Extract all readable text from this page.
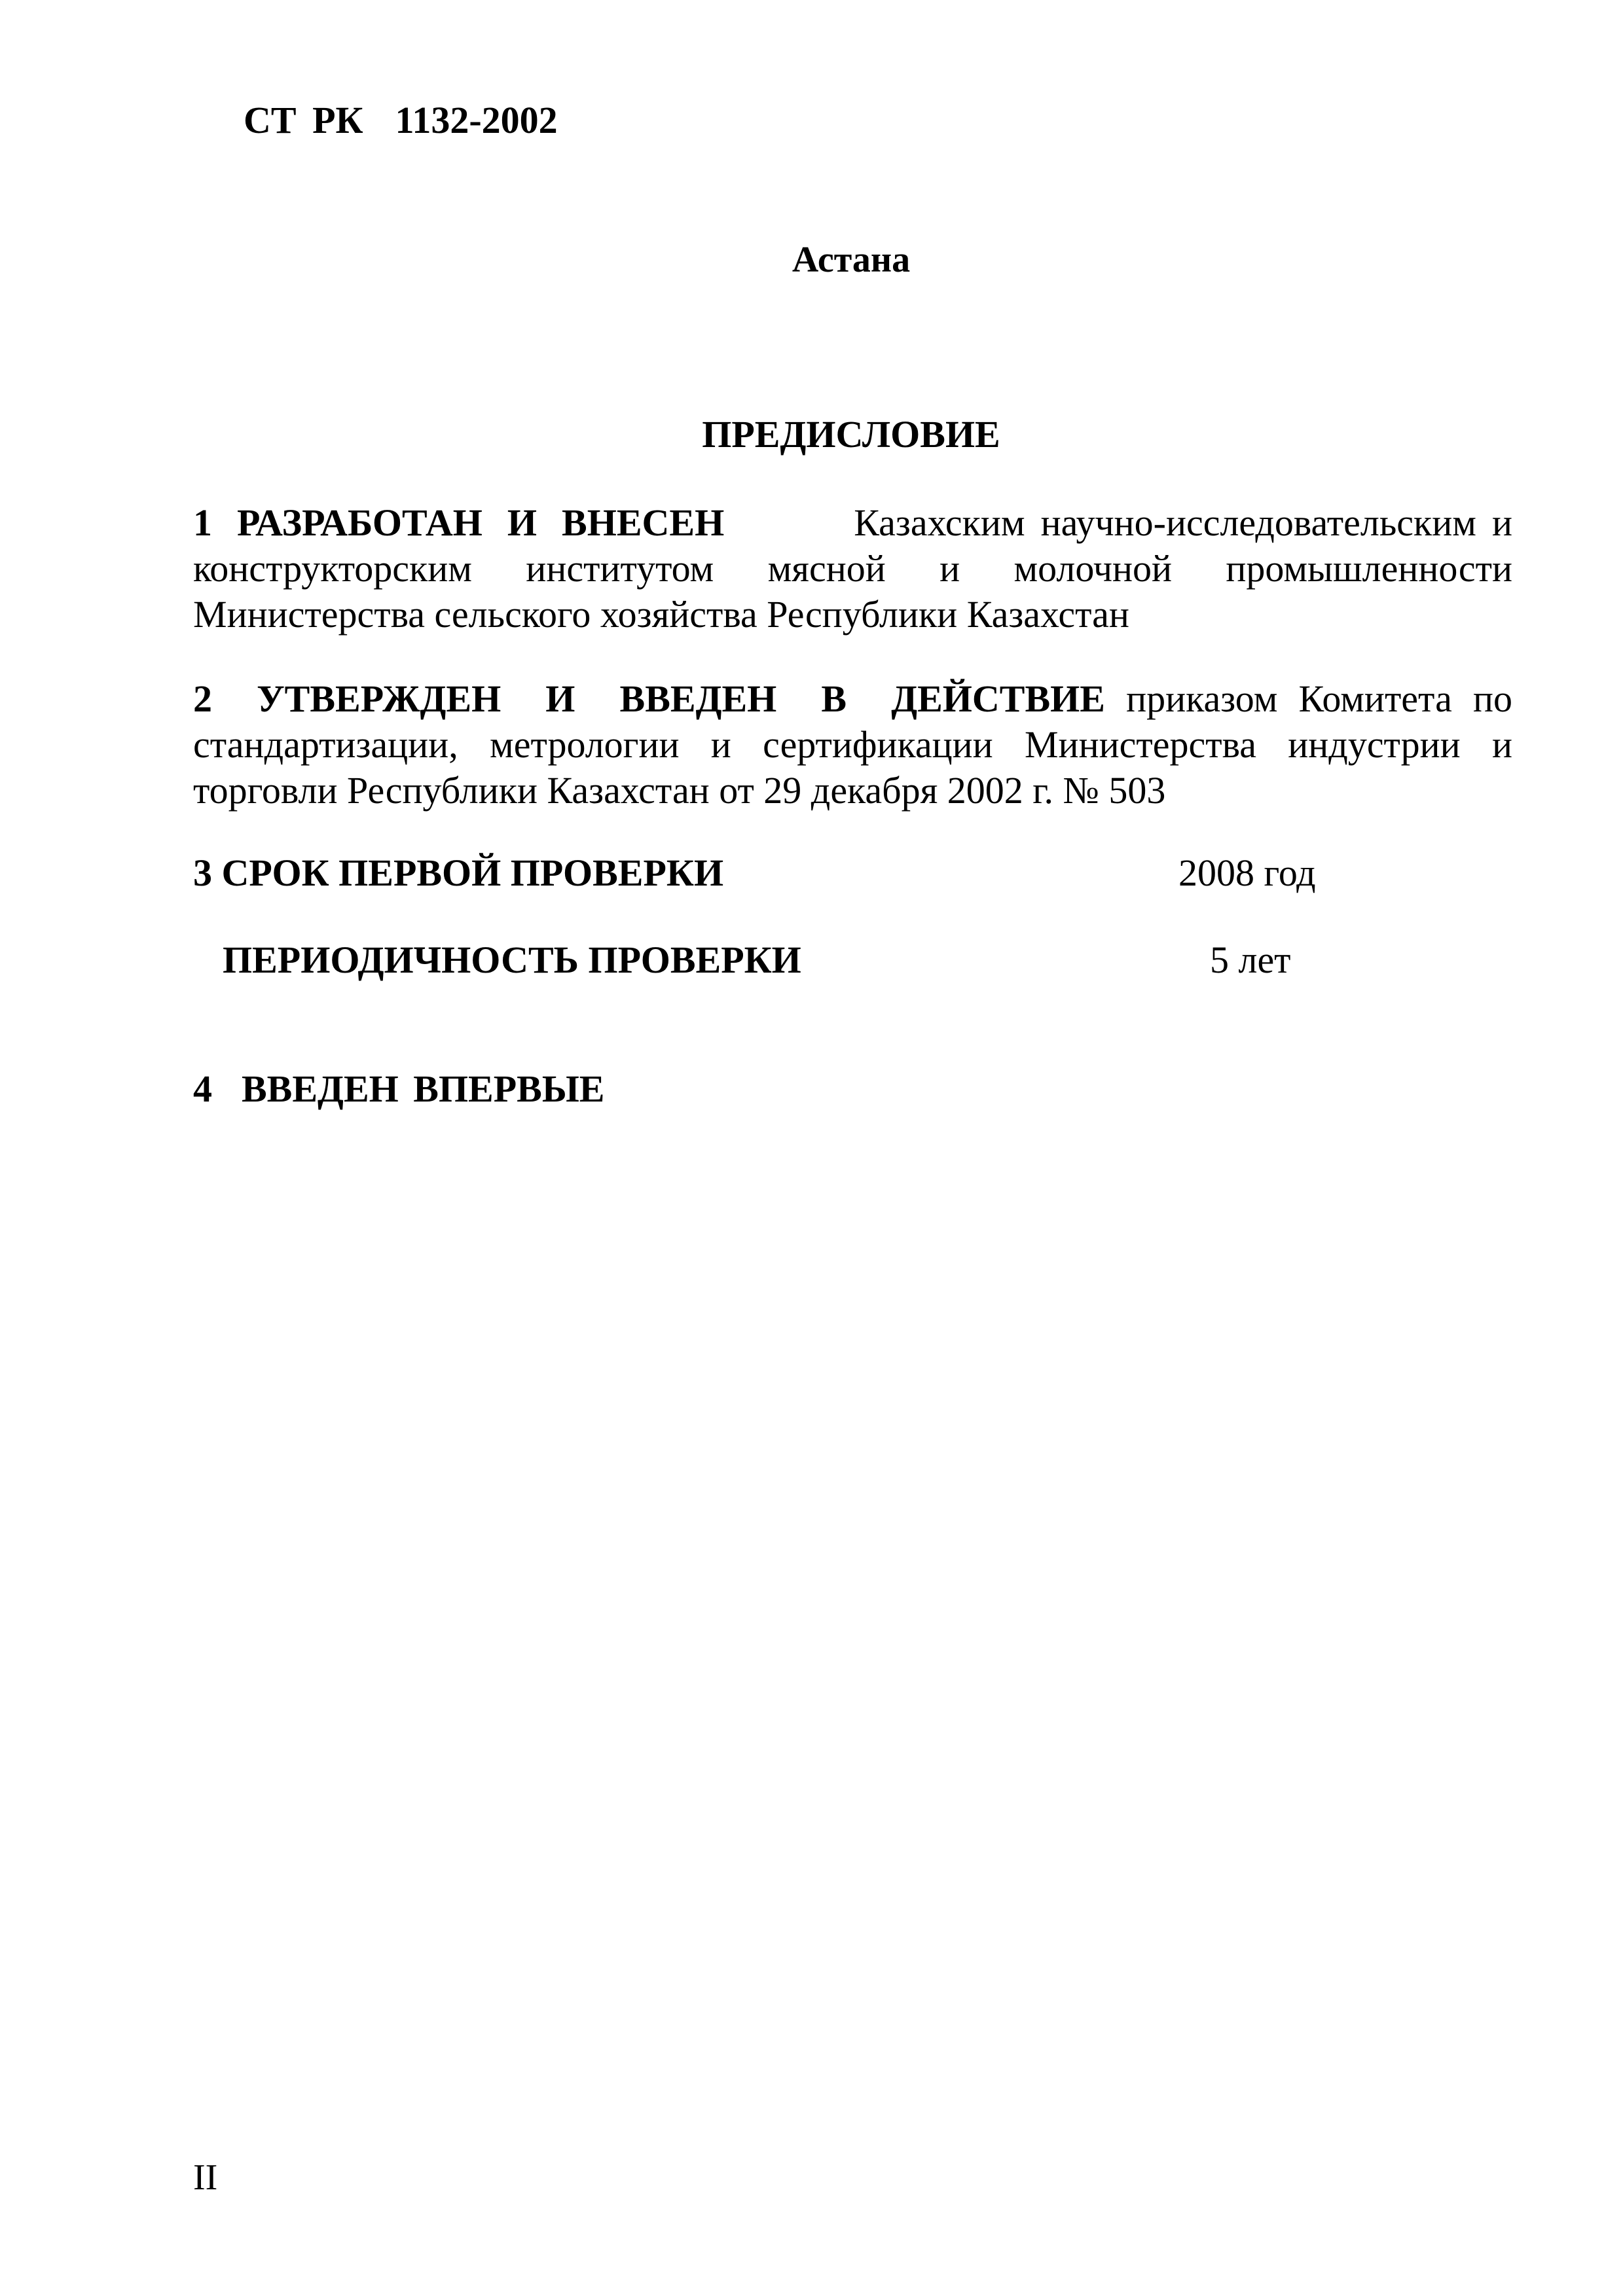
СТ РК  1132-2002
Астана
ПРЕДИСЛОВИЕ
1 РАЗРАБОТАН И ВНЕСЕН	Казахским научно-исследовательским и конструкторским институтом мясной и молочной промышленности Министерства сельского хозяйства Республики Казахстан
2 УТВЕРЖДЕН И ВВЕДЕН В ДЕЙСТВИЕ приказом Комитета по стандартизации, метрологии и сертификации Министерства индустрии и торговли Республики Казахстан от 29 декабря 2002 г. № 503
3 СРОК ПЕРВОЙ ПРОВЕРКИ	2008 год
ПЕРИОДИЧНОСТЬ ПРОВЕРКИ	5 лет
4  ВВЕДЕН ВПЕРВЫЕ
II
